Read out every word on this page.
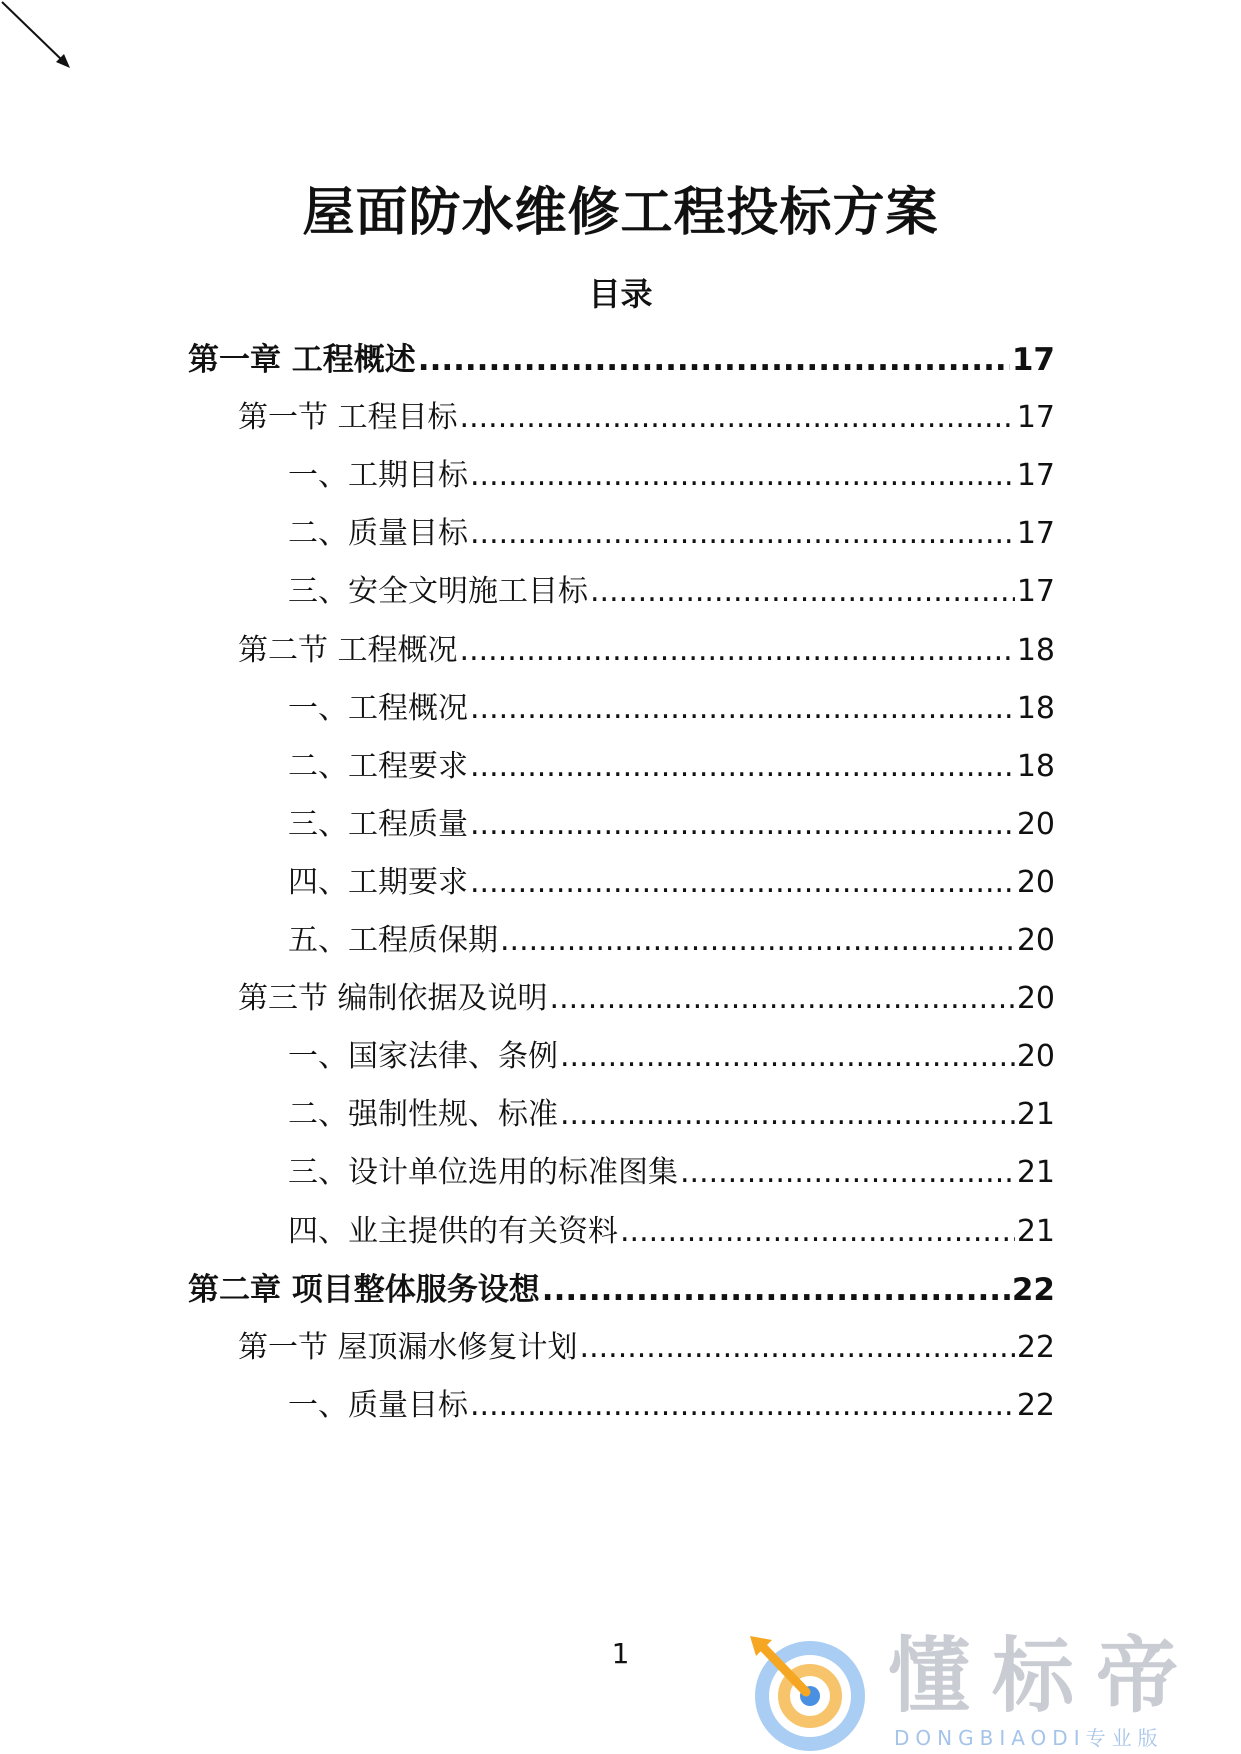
屋面防水维修工程投标方案
目录
第一章 工程概述 .....	17
第一节 工程目标 .....	17
一、工期目标 .....	17
二、质量目标 .....	17
三、安全文明施工目标 .....	17
第二节 工程概况 .....	18
一、工程概况 .....	18
二、工程要求 .....	18
三、工程质量 .....	20
四、工期要求 .....	20
五、工程质保期 .....	20
第三节 编制依据及说明 .....	20
一、国家法律、条例 .....	20
二、强制性规、标准 .....	21
三、设计单位选用的标准图集 .....	21
四、业主提供的有关资料 .....	21
第二章 项目整体服务设想 .....	22
第一节 屋顶漏水修复计划 .....	22
一、质量目标 .....	22
1	懂标帝
DONGBIAODI专业版
